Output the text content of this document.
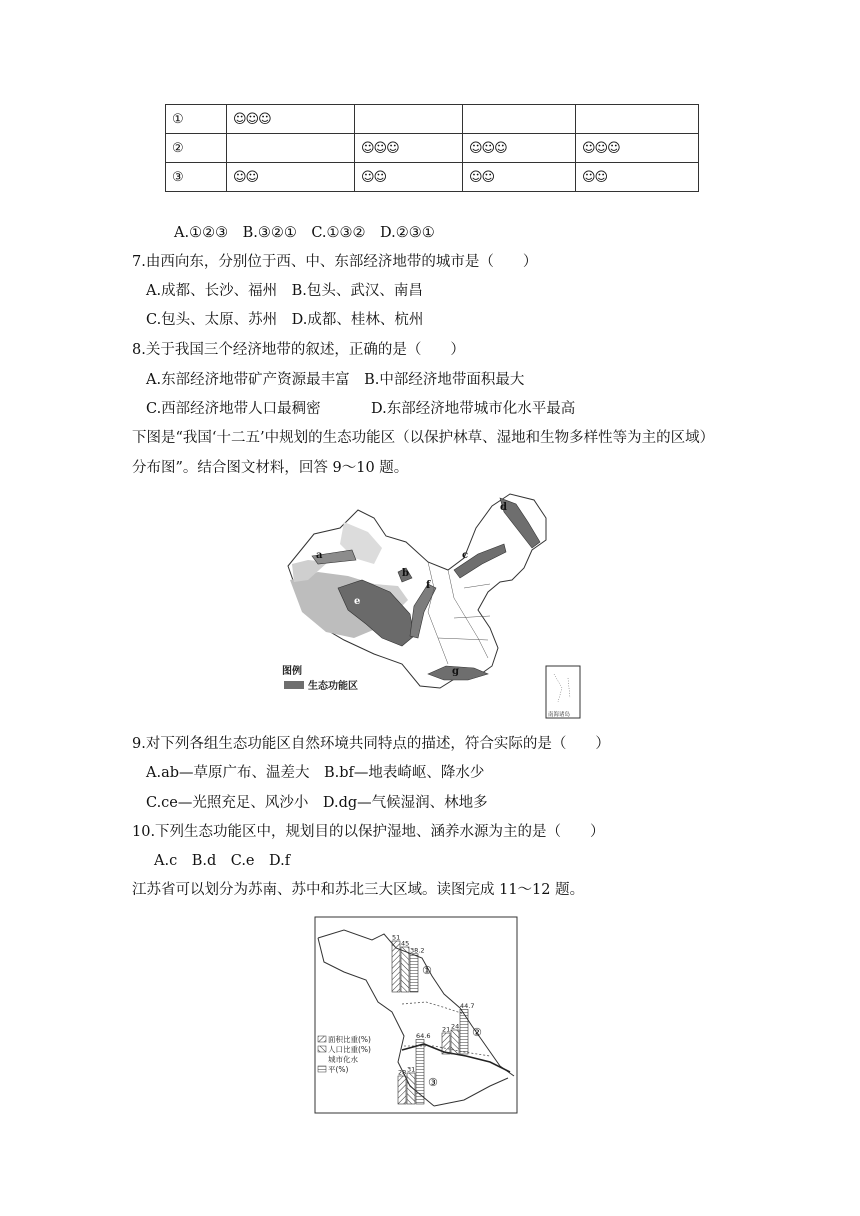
①	☺☺☺			
②		☺☺☺	☺☺☺	☺☺☺
③	☺☺	☺☺	☺☺	☺☺
A.①②③　B.③②①　C.①③②　D.②③①
7.由西向东，分别位于西、中、东部经济地带的城市是（　　）
A.成都、长沙、福州　B.包头、武汉、南昌
C.包头、太原、苏州　D.成都、桂林、杭州
8.关于我国三个经济地带的叙述，正确的是（　　）
A.东部经济地带矿产资源最丰富　B.中部经济地带面积最大
C.西部经济地带人口最稠密	D.东部经济地带城市化水平最高
下图是“我国‘十二五’中规划的生态功能区（以保护林草、湿地和生物多样性等为主的区域）
分布图”。结合图文材料，回答 9～10 题。
a
b
c
d
e
f
g
图例
生态功能区
南海诸岛
9.对下列各组生态功能区自然环境共同特点的描述，符合实际的是（　　）
A.ab—草原广布、温差大　B.bf—地表崎岖、降水少
C.ce—光照充足、风沙小　D.dg—气候湿润、林地多
10.下列生态功能区中，规划目的以保护湿地、涵养水源为主的是（　　）
A.c　B.d　C.e　D.f
江苏省可以划分为苏南、苏中和苏北三大区域。读图完成 11～12 题。
51
45
38.2
①
21 24
44.7
②
28 31
64.6
③
面积比重(%)
人口比重(%)
城市化水
平(%)
